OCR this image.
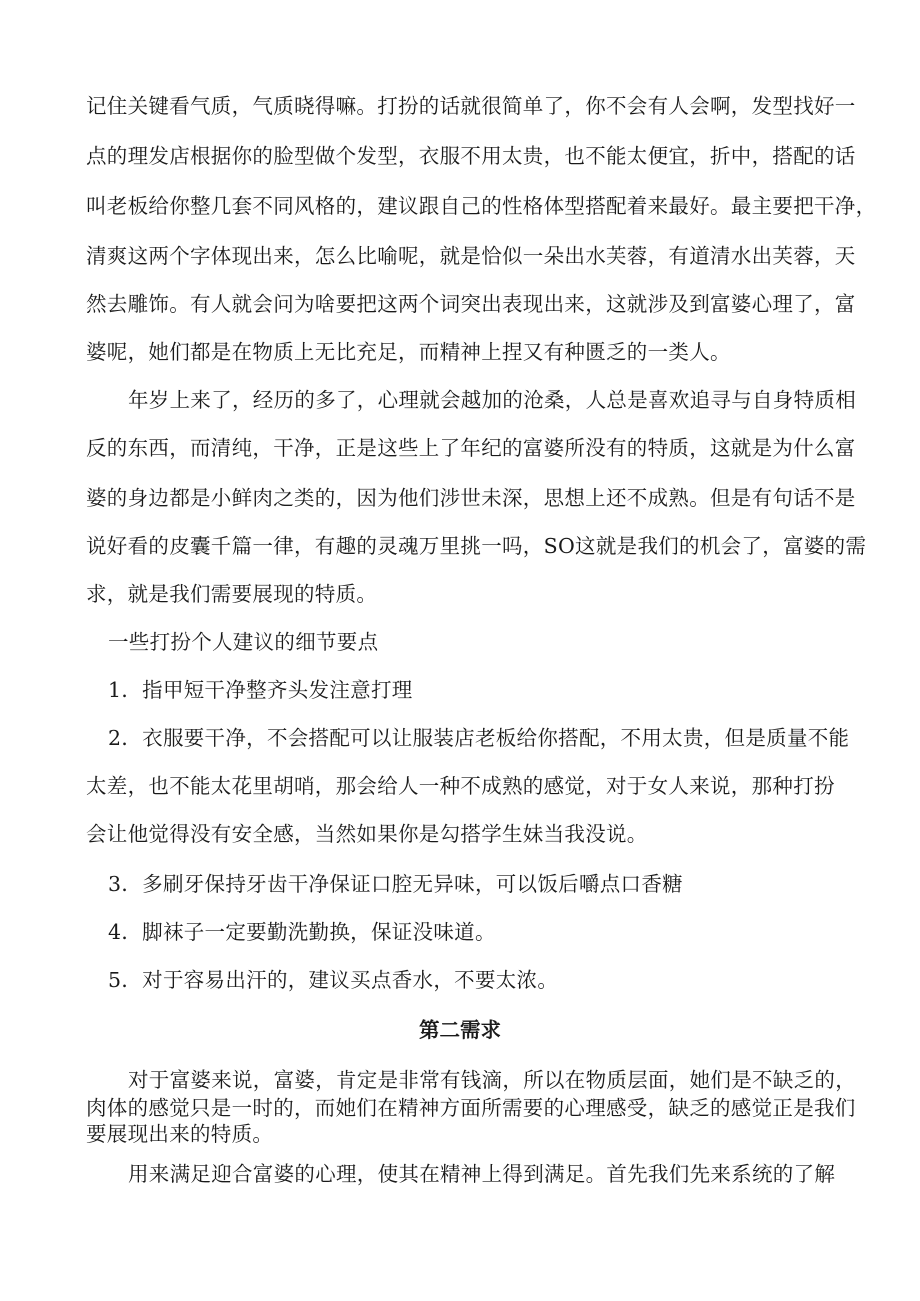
记住关键看气质，气质晓得嘛。打扮的话就很简单了，你不会有人会啊，发型找好一
点的理发店根据你的脸型做个发型，衣服不用太贵，也不能太便宜，折中，搭配的话
叫老板给你整几套不同风格的，建议跟自己的性格体型搭配着来最好。最主要把干净，
清爽这两个字体现出来，怎么比喻呢，就是恰似一朵出水芙蓉，有道清水出芙蓉，天
然去雕饰。有人就会问为啥要把这两个词突出表现出来，这就涉及到富婆心理了，富
婆呢，她们都是在物质上无比充足，而精神上捏又有种匮乏的一类人。
年岁上来了，经历的多了，心理就会越加的沧桑，人总是喜欢追寻与自身特质相
反的东西，而清纯，干净，正是这些上了年纪的富婆所没有的特质，这就是为什么富
婆的身边都是小鲜肉之类的，因为他们涉世未深，思想上还不成熟。但是有句话不是
说好看的皮囊千篇一律，有趣的灵魂万里挑一吗，SO这就是我们的机会了，富婆的需
求，就是我们需要展现的特质。
一些打扮个人建议的细节要点
1．指甲短干净整齐头发注意打理
2．衣服要干净，不会搭配可以让服装店老板给你搭配，不用太贵，但是质量不能
太差，也不能太花里胡哨，那会给人一种不成熟的感觉，对于女人来说，那种打扮
会让他觉得没有安全感，当然如果你是勾搭学生妹当我没说。
3．多刷牙保持牙齿干净保证口腔无异味，可以饭后嚼点口香糖
4．脚袜子一定要勤洗勤换，保证没味道。
5．对于容易出汗的，建议买点香水，不要太浓。
第二需求
对于富婆来说，富婆，肯定是非常有钱滴，所以在物质层面，她们是不缺乏的，
肉体的感觉只是一时的，而她们在精神方面所需要的心理感受，缺乏的感觉正是我们
要展现出来的特质。
用来满足迎合富婆的心理，使其在精神上得到满足。首先我们先来系统的了解
